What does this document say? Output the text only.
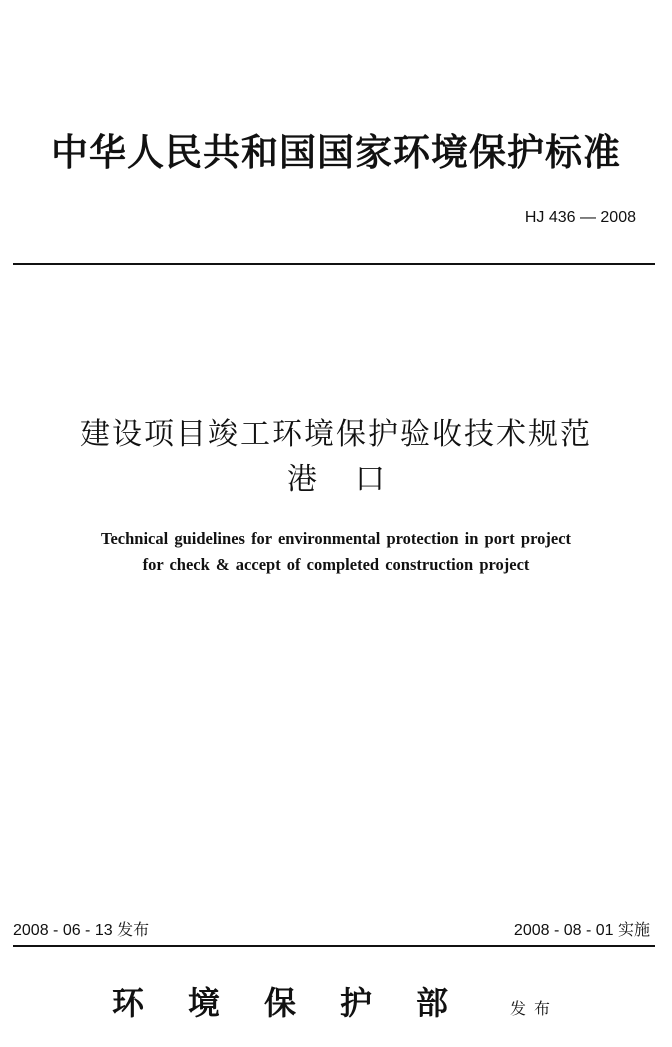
中华人民共和国国家环境保护标准
HJ 436 — 2008
建设项目竣工环境保护验收技术规范
港口
Technical guidelines for environmental protection in port project
for check & accept of completed construction project
2008 - 06 - 13 发布	2008 - 08 - 01 实施
环境保护部 发布
